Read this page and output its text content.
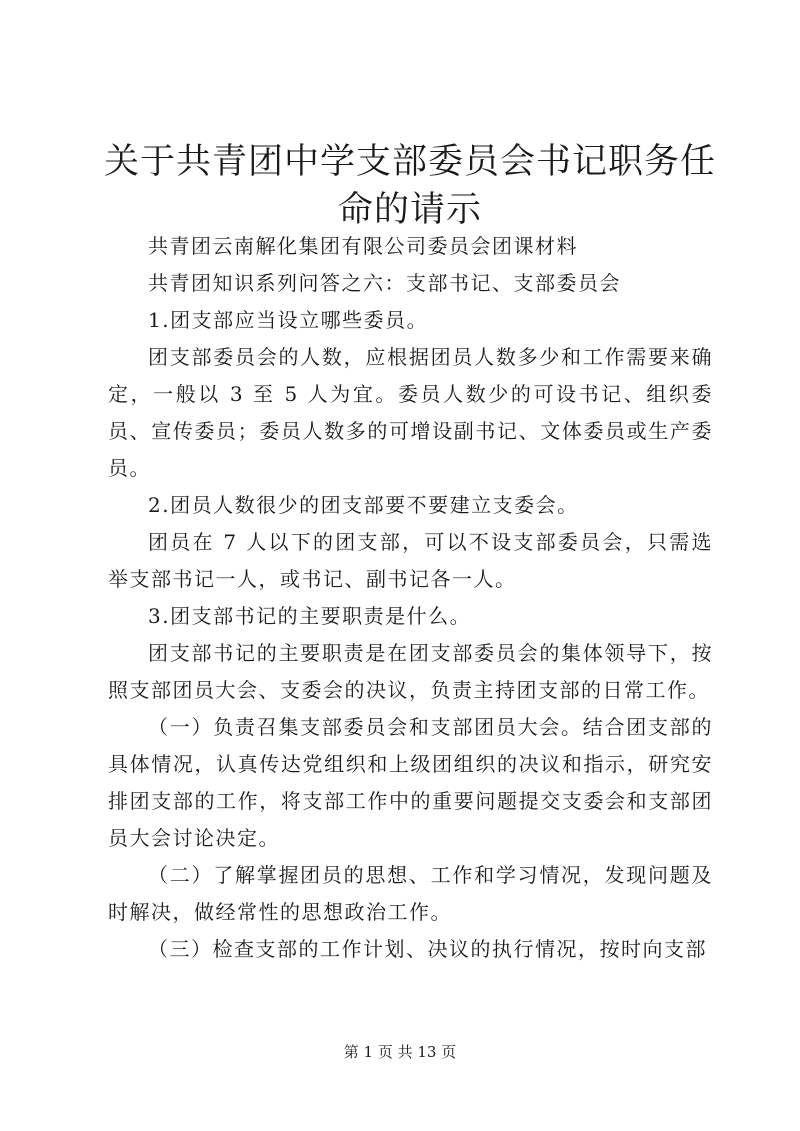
关于共青团中学支部委员会书记职务任命的请示

共青团云南解化集团有限公司委员会团课材料

共青团知识系列问答之六：支部书记、支部委员会

1.团支部应当设立哪些委员。

团支部委员会的人数，应根据团员人数多少和工作需要来确定，一般以 3 至 5 人为宜。委员人数少的可设书记、组织委员、宣传委员；委员人数多的可增设副书记、文体委员或生产委员。

2.团员人数很少的团支部要不要建立支委会。

团员在 7 人以下的团支部，可以不设支部委员会，只需选举支部书记一人，或书记、副书记各一人。

3.团支部书记的主要职责是什么。

团支部书记的主要职责是在团支部委员会的集体领导下，按照支部团员大会、支委会的决议，负责主持团支部的日常工作。

（一）负责召集支部委员会和支部团员大会。结合团支部的具体情况，认真传达党组织和上级团组织的决议和指示，研究安排团支部的工作，将支部工作中的重要问题提交支委会和支部团员大会讨论决定。

（二）了解掌握团员的思想、工作和学习情况，发现问题及时解决，做经常性的思想政治工作。

（三）检查支部的工作计划、决议的执行情况，按时向支部

第 1 页 共 13 页
